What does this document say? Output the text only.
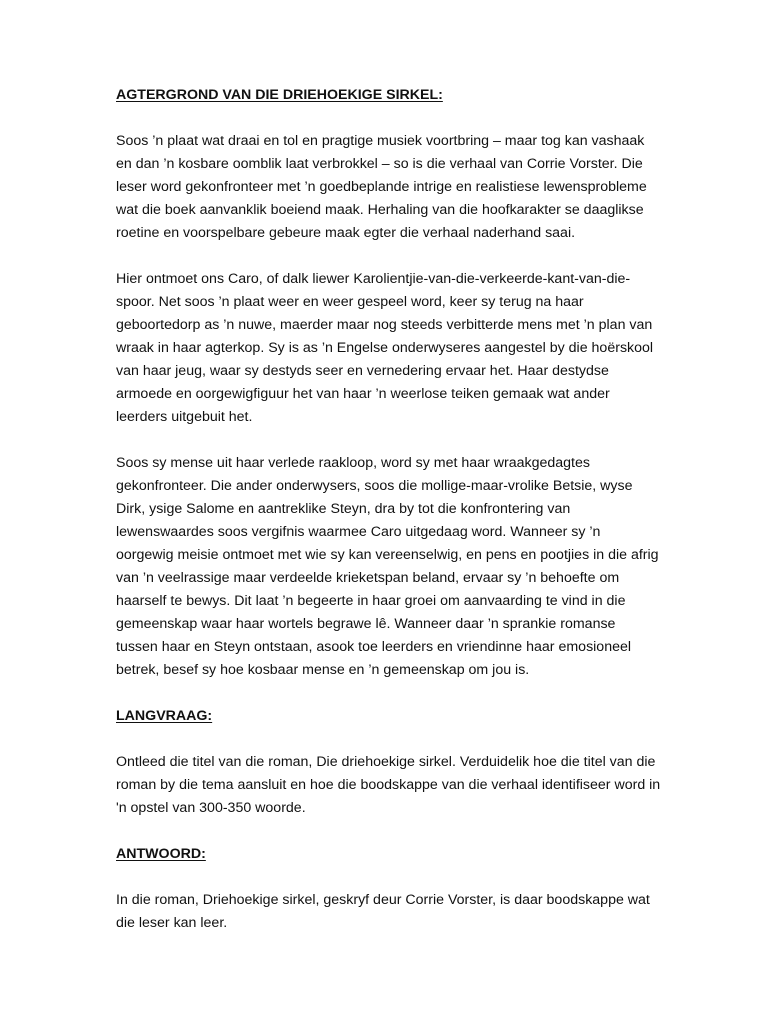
AGTERGROND VAN DIE DRIEHOEKIGE SIRKEL:

Soos ’n plaat wat draai en tol en pragtige musiek voortbring – maar tog kan vashaak en dan ’n kosbare oomblik laat verbrokkel – so is die verhaal van Corrie Vorster. Die leser word gekonfronteer met ’n goedbeplande intrige en realistiese lewensprobleme wat die boek aanvanklik boeiend maak. Herhaling van die hoofkarakter se daaglikse roetine en voorspelbare gebeure maak egter die verhaal naderhand saai.

Hier ontmoet ons Caro, of dalk liewer Karolientjie-van-die-verkeerde-kant-van-die-spoor. Net soos ’n plaat weer en weer gespeel word, keer sy terug na haar geboortedorp as ’n nuwe, maerder maar nog steeds verbitterde mens met ’n plan van wraak in haar agterkop. Sy is as ’n Engelse onderwyseres aangestel by die hoërskool van haar jeug, waar sy destyds seer en vernedering ervaar het. Haar destydse armoede en oorgewigfiguur het van haar ’n weerlose teiken gemaak wat ander leerders uitgebuit het.

Soos sy mense uit haar verlede raakloop, word sy met haar wraakgedagtes gekonfronteer. Die ander onderwysers, soos die mollige-maar-vrolike Betsie, wyse Dirk, ysige Salome en aantreklike Steyn, dra by tot die konfrontering van lewenswaardes soos vergifnis waarmee Caro uitgedaag word. Wanneer sy ’n oorgewig meisie ontmoet met wie sy kan vereenselwig, en pens en pootjies in die afrig van ’n veelrassige maar verdeelde krieketspan beland, ervaar sy ’n behoefte om haarself te bewys. Dit laat ’n begeerte in haar groei om aanvaarding te vind in die gemeenskap waar haar wortels begrawe lê. Wanneer daar ’n sprankie romanse tussen haar en Steyn ontstaan, asook toe leerders en vriendinne haar emosioneel betrek, besef sy hoe kosbaar mense en ’n gemeenskap om jou is.

LANGVRAAG:

Ontleed die titel van die roman, Die driehoekige sirkel. Verduidelik hoe die titel van die roman by die tema aansluit en hoe die boodskappe van die verhaal identifiseer word in 'n opstel van 300-350 woorde.

ANTWOORD:

In die roman, Driehoekige sirkel, geskryf deur Corrie Vorster, is daar boodskappe wat die leser kan leer.
